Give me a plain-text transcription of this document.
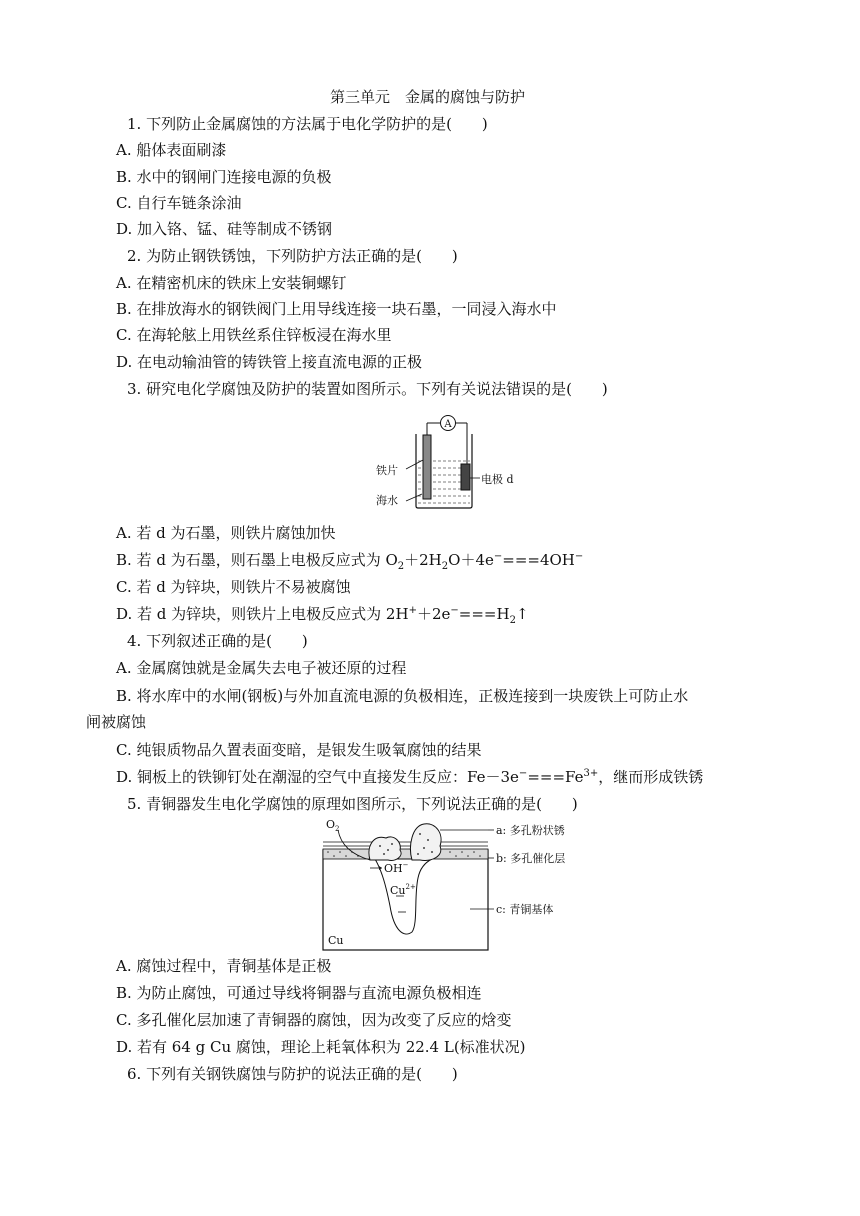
第三单元　金属的腐蚀与防护
1. 下列防止金属腐蚀的方法属于电化学防护的是(　　)
A. 船体表面刷漆
B. 水中的钢闸门连接电源的负极
C. 自行车链条涂油
D. 加入铬、锰、硅等制成不锈钢
2. 为防止钢铁锈蚀，下列防护方法正确的是(　　)
A. 在精密机床的铁床上安装铜螺钉
B. 在排放海水的钢铁阀门上用导线连接一块石墨，一同浸入海水中
C. 在海轮舷上用铁丝系住锌板浸在海水里
D. 在电动输油管的铸铁管上接直流电源的正极
3. 研究电化学腐蚀及防护的装置如图所示。下列有关说法错误的是(　　)
A
铁片
电极 d
海水
A. 若 d 为石墨，则铁片腐蚀加快
B. 若 d 为石墨，则石墨上电极反应式为 $O_2+2H_2O+4e^-===4OH^-$
C. 若 d 为锌块，则铁片不易被腐蚀
D. 若 d 为锌块，则铁片上电极反应式为 $2H^++2e^-===H_2↑$
4. 下列叙述正确的是(　　)
A. 金属腐蚀就是金属失去电子被还原的过程
B. 将水库中的水闸(钢板)与外加直流电源的负极相连，正极连接到一块废铁上可防止水
闸被腐蚀
C. 纯银质物品久置表面变暗，是银发生吸氧腐蚀的结果
D. 铜板上的铁铆钉处在潮湿的空气中直接发生反应：$Fe-3e^-===Fe^{3+}$，继而形成铁锈
5. 青铜器发生电化学腐蚀的原理如图所示，下列说法正确的是(　　)
$O_2$
OH−
$Cu^{2+}$
Cu
a: 多孔粉状锈
b: 多孔催化层
c: 青铜基体
A. 腐蚀过程中，青铜基体是正极
B. 为防止腐蚀，可通过导线将铜器与直流电源负极相连
C. 多孔催化层加速了青铜器的腐蚀，因为改变了反应的焓变
D. 若有 64 g Cu 腐蚀，理论上耗氧体积为 22.4 L(标准状况)
6. 下列有关钢铁腐蚀与防护的说法正确的是(　　)
